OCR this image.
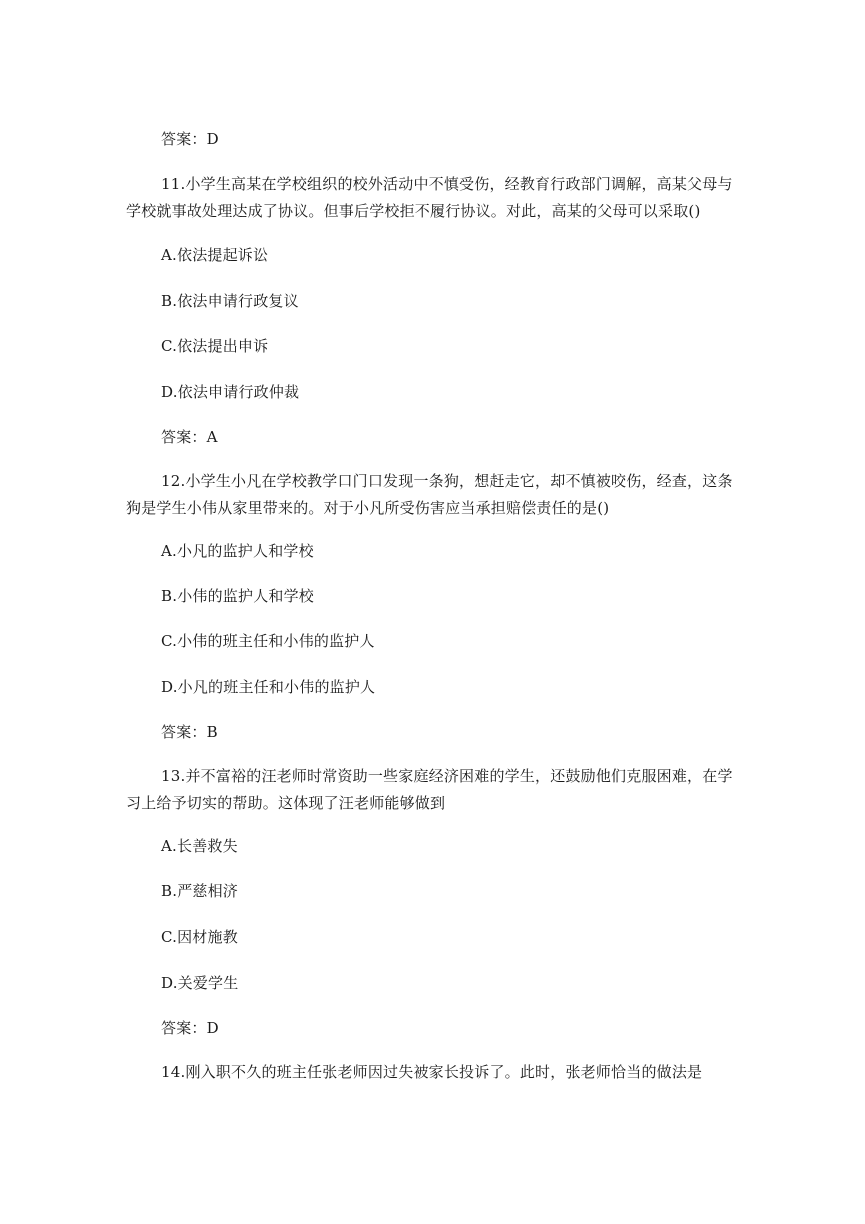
答案：D
11.小学生高某在学校组织的校外活动中不慎受伤，经教育行政部门调解，高某父母与
学校就事故处理达成了协议。但事后学校拒不履行协议。对此，高某的父母可以采取()
A.依法提起诉讼
B.依法申请行政复议
C.依法提出申诉
D.依法申请行政仲裁
答案：A
12.小学生小凡在学校教学口门口发现一条狗，想赶走它，却不慎被咬伤，经查，这条
狗是学生小伟从家里带来的。对于小凡所受伤害应当承担赔偿责任的是()
A.小凡的监护人和学校
B.小伟的监护人和学校
C.小伟的班主任和小伟的监护人
D.小凡的班主任和小伟的监护人
答案：B
13.并不富裕的汪老师时常资助一些家庭经济困难的学生，还鼓励他们克服困难，在学
习上给予切实的帮助。这体现了汪老师能够做到
A.长善救失
B.严慈相济
C.因材施教
D.关爱学生
答案：D
14.刚入职不久的班主任张老师因过失被家长投诉了。此时，张老师恰当的做法是
